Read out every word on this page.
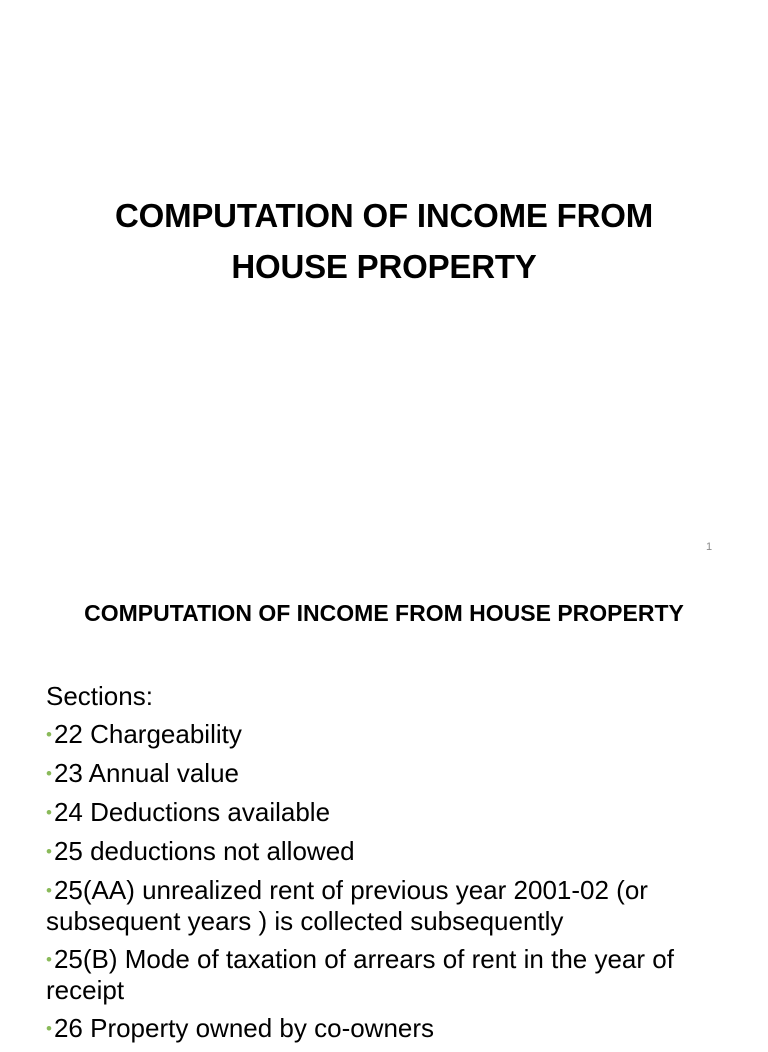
COMPUTATION OF INCOME FROM HOUSE PROPERTY
1
COMPUTATION OF INCOME FROM HOUSE PROPERTY
Sections:
•22 Chargeability
•23 Annual value
•24 Deductions available
•25 deductions not allowed
•25(AA) unrealized rent of previous year 2001-02 (or subsequent years ) is collected subsequently
•25(B) Mode of taxation of arrears of rent in the year of receipt
•26 Property owned by co-owners
